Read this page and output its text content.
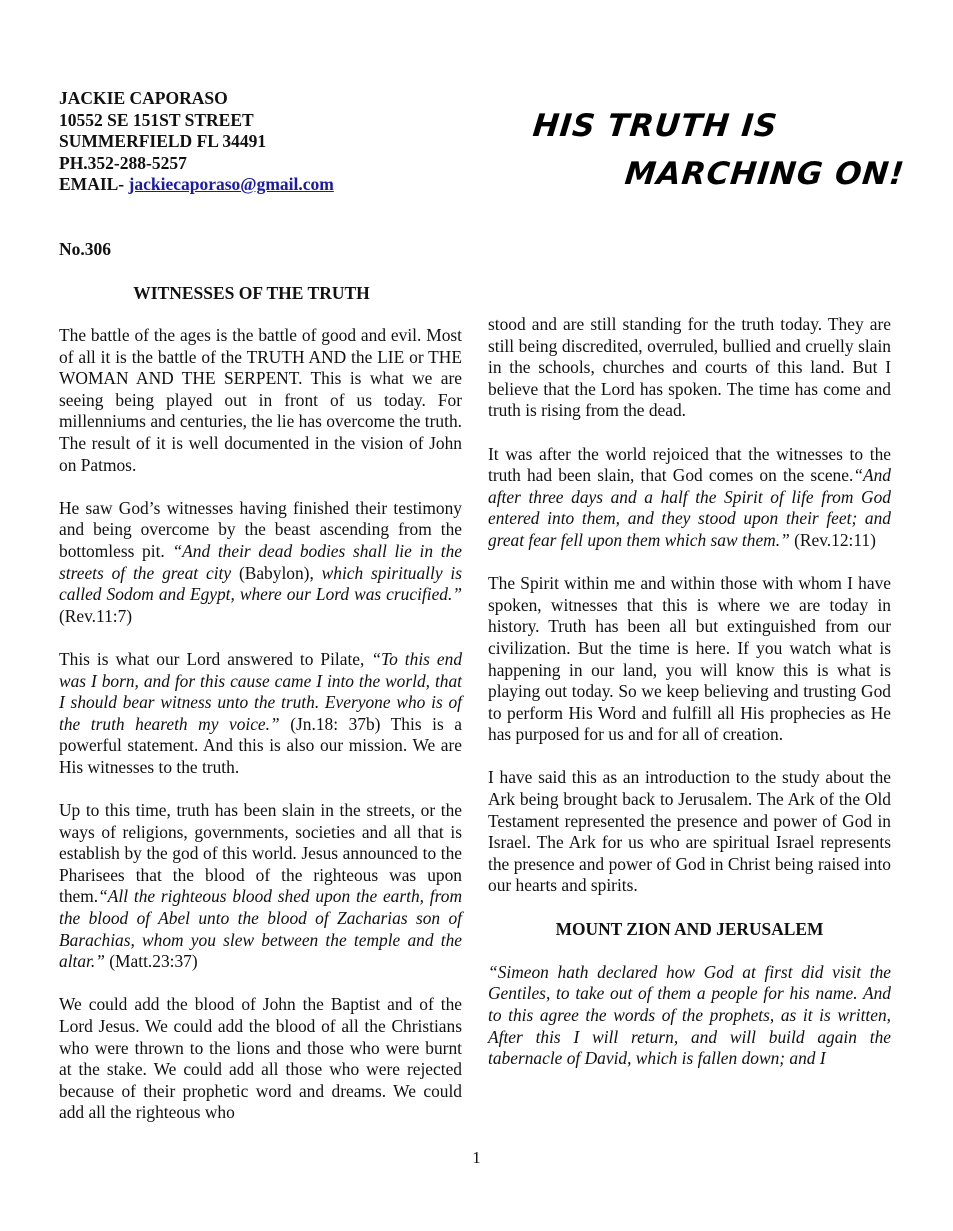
JACKIE CAPORASO
10552 SE 151ST STREET
SUMMERFIELD FL 34491
PH.352-288-5257
EMAIL- jackiecaporaso@gmail.com
HIS TRUTH IS
MARCHING ON!
No.306
WITNESSES OF THE TRUTH

The battle of the ages is the battle of good and evil. Most of all it is the battle of the TRUTH AND the LIE or THE WOMAN AND THE SERPENT. This is what we are seeing being played out in front of us today. For millenniums and centuries, the lie has overcome the truth. The result of it is well documented in the vision of John on Patmos.

He saw God’s witnesses having finished their testimony and being overcome by the beast ascending from the bottomless pit. “And their dead bodies shall lie in the streets of the great city (Babylon), which spiritually is called Sodom and Egypt, where our Lord was crucified.” (Rev.11:7)

This is what our Lord answered to Pilate, “To this end was I born, and for this cause came I into the world, that I should bear witness unto the truth. Everyone who is of the truth heareth my voice.” (Jn.18: 37b) This is a powerful statement. And this is also our mission. We are His witnesses to the truth.

Up to this time, truth has been slain in the streets, or the ways of religions, governments, societies and all that is establish by the god of this world. Jesus announced to the Pharisees that the blood of the righteous was upon them.“All the righteous blood shed upon the earth, from the blood of Abel unto the blood of Zacharias son of Barachias, whom you slew between the temple and the altar.” (Matt.23:37)

We could add the blood of John the Baptist and of the Lord Jesus. We could add the blood of all the Christians who were thrown to the lions and those who were burnt at the stake. We could add all those who were rejected because of their prophetic word and dreams. We could add all the righteous who

stood and are still standing for the truth today. They are still being discredited, overruled, bullied and cruelly slain in the schools, churches and courts of this land. But I believe that the Lord has spoken. The time has come and truth is rising from the dead.

It was after the world rejoiced that the witnesses to the truth had been slain, that God comes on the scene.“And after three days and a half the Spirit of life from God entered into them, and they stood upon their feet; and great fear fell upon them which saw them.” (Rev.12:11)

The Spirit within me and within those with whom I have spoken, witnesses that this is where we are today in history. Truth has been all but extinguished from our civilization. But the time is here. If you watch what is happening in our land, you will know this is what is playing out today. So we keep believing and trusting God to perform His Word and fulfill all His prophecies as He has purposed for us and for all of creation.

I have said this as an introduction to the study about the Ark being brought back to Jerusalem. The Ark of the Old Testament represented the presence and power of God in Israel. The Ark for us who are spiritual Israel represents the presence and power of God in Christ being raised into our hearts and spirits.

MOUNT ZION AND JERUSALEM

“Simeon hath declared how God at first did visit the Gentiles, to take out of them a people for his name. And to this agree the words of the prophets, as it is written, After this I will return, and will build again the tabernacle of David, which is fallen down; and I

1
